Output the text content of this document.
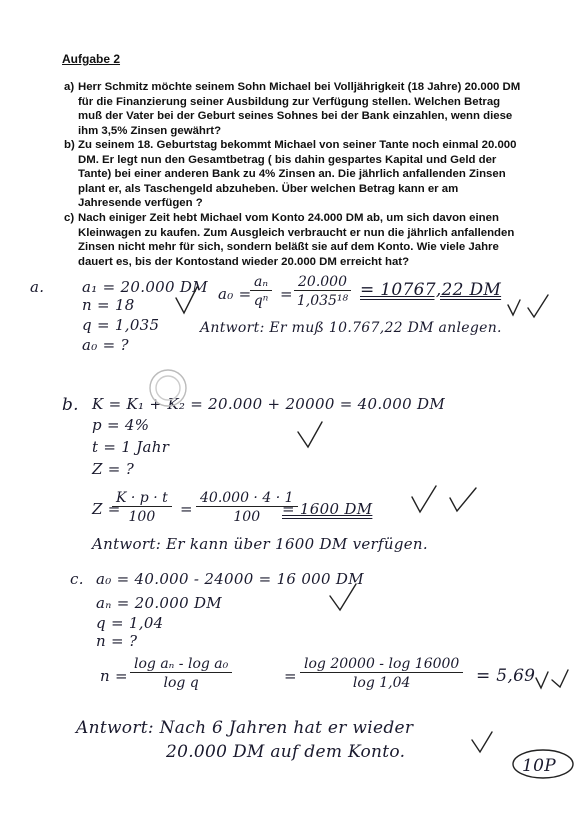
Aufgabe 2
a) Herr Schmitz möchte seinem Sohn Michael bei Volljährigkeit (18 Jahre) 20.000 DM für die Finanzierung seiner Ausbildung zur Verfügung stellen. Welchen Betrag muß der Vater bei der Geburt seines Sohnes bei der Bank einzahlen, wenn diese ihm 3,5% Zinsen gewährt?
b) Zu seinem 18. Geburtstag bekommt Michael von seiner Tante noch einmal 20.000 DM. Er legt nun den Gesamtbetrag ( bis dahin gespartes Kapital und Geld der Tante) bei einer anderen Bank zu 4% Zinsen an. Die jährlich anfallenden Zinsen plant er, als Taschengeld abzuheben. Über welchen Betrag kann er am Jahresende verfügen ?
c) Nach einiger Zeit hebt Michael vom Konto 24.000 DM ab, um sich davon einen Kleinwagen zu kaufen. Zum Ausgleich verbraucht er nun die jährlich anfallenden Zinsen nicht mehr für sich, sondern beläßt sie auf dem Konto. Wie viele Jahre dauert es, bis der Kontostand wieder 20.000 DM erreicht hat?
a.	a₁ = 20.000 DM
n = 18
q = 1,035
a₀ = ?
a₀ =
$\frac{\text{aₙ}}{\text{qⁿ}} = \frac{20.000}{\text{1,035¹⁸}} = 10767,22$ DM
Antwort: Er muß 10.767,22 DM anlegen.
b. K = K₁ + K₂ = 20.000 + 20000 = 40.000 DM
p = 4%
t = 1 Jahr
Z = ?
Z =
$\frac{K \cdot p \cdot t}{100} = \frac{40.000 \cdot 4 \cdot 1}{100}$
= 1600 DM
Antwort: Er kann über 1600 DM verfügen.
c. a₀ = 40.000 - 24000 = 16 000 DM
aₙ = 20.000 DM
q = 1,04
n = ?
$n = \frac{\text{log aₙ - log a₀}}{\text{log q}}$	= $\frac{\log 20000 - \log 16000}{\log 1,04} = 5,69$
Antwort: Nach 6 Jahren hat er wieder
20.000 DM auf dem Konto.
10P
